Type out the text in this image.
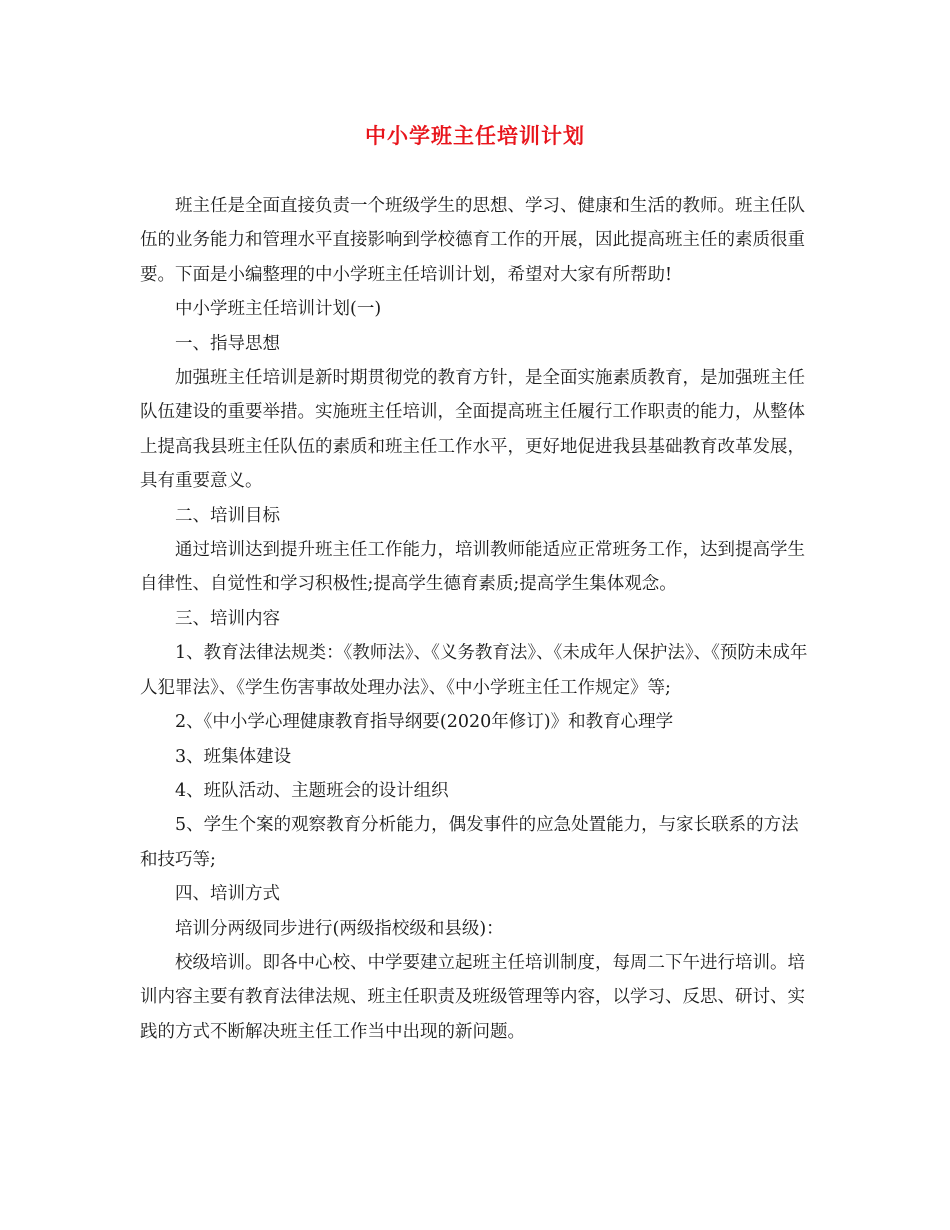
中小学班主任培训计划

班主任是全面直接负责一个班级学生的思想、学习、健康和生活的教师。班主任队伍的业务能力和管理水平直接影响到学校德育工作的开展，因此提高班主任的素质很重要。下面是小编整理的中小学班主任培训计划，希望对大家有所帮助!

中小学班主任培训计划(一)

一、指导思想

加强班主任培训是新时期贯彻党的教育方针，是全面实施素质教育，是加强班主任队伍建设的重要举措。实施班主任培训，全面提高班主任履行工作职责的能力，从整体上提高我县班主任队伍的素质和班主任工作水平，更好地促进我县基础教育改革发展，具有重要意义。

二、培训目标

通过培训达到提升班主任工作能力，培训教师能适应正常班务工作，达到提高学生自律性、自觉性和学习积极性;提高学生德育素质;提高学生集体观念。

三、培训内容

1、教育法律法规类：《教师法》、《义务教育法》、《未成年人保护法》、《预防未成年人犯罪法》、《学生伤害事故处理办法》、《中小学班主任工作规定》等;

2、《中小学心理健康教育指导纲要(2020年修订)》和教育心理学

3、班集体建设

4、班队活动、主题班会的设计组织

5、学生个案的观察教育分析能力，偶发事件的应急处置能力，与家长联系的方法和技巧等;

四、培训方式

培训分两级同步进行(两级指校级和县级)：

校级培训。即各中心校、中学要建立起班主任培训制度，每周二下午进行培训。培训内容主要有教育法律法规、班主任职责及班级管理等内容，以学习、反思、研讨、实践的方式不断解决班主任工作当中出现的新问题。
